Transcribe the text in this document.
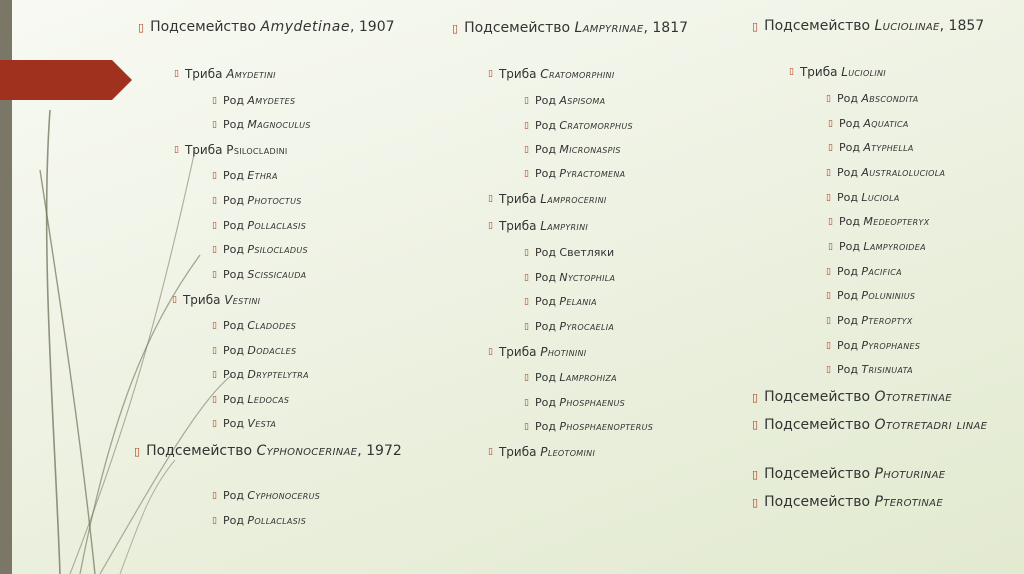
▯ Подсемейство Amydetinae, 1907
▯ Триба
Amydetini
▯ Род
Amydetes
▯ Род
Magnoculus
▯ Триба
Psilocladini
▯ Род
Ethra
▯ Род
Photoctus
▯ Род
Pollaclasis
▯ Род
Psilocladus
▯ Род
Scissicauda
▯ Триба
Vestini
▯ Род
Cladodes
▯ Род
Dodacles
▯ Род
Dryptelytra
▯ Род
Ledocas
▯ Род
Vesta
▯ Подсемейство Cyphonocerinae, 1972
▯ Род
Cyphonocerus
▯ Род
Pollaclasis
▯ Подсемейство Lampyrinae, 1817
▯ Триба
Cratomorphini
▯ Род
Aspisoma
▯ Род
Cratomorphus
▯ Род
Micronaspis
▯ Род
Pyractomena
▯ Триба
Lamprocerini
▯ Триба
Lampyrini
▯ Род
Светляки
▯ Род
Nyctophila
▯ Род
Pelania
▯ Род
Pyrocaelia
▯ Триба
Photinini
▯ Род
Lamprohiza
▯ Род
Phosphaenus
▯ Род
Phosphaenopterus
▯ Триба
Pleotomini
▯ Подсемейство Luciolinae, 1857
▯ Триба
Luciolini
▯ Род
Abscondita
▯ Род
Aquatica
▯ Род
Atyphella
▯ Род
Australoluciola
▯ Род
Luciola
▯ Род
Medeopteryx
▯ Род
Lampyroidea
▯ Род
Pacifica
▯ Род
Poluninius
▯ Род
Pteroptyx
▯ Род
Pyrophanes
▯ Род
Trisinuata
▯ Подсемейство
Ototretinae
▯ Подсемейство Ototretadri linae
▯ Подсемейство
Photurinae
▯ Подсемейство
Pterotinae
